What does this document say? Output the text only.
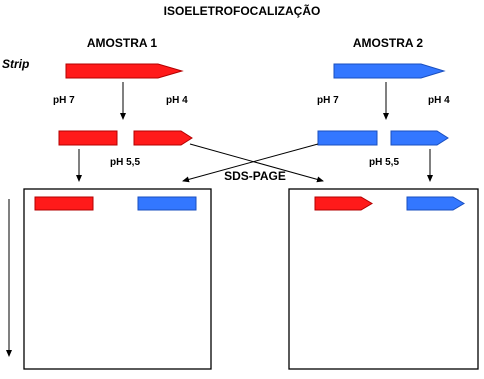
ISOELETROFOCALIZAÇÃO
AMOSTRA 1	AMOSTRA 2
Strip
pH 7	pH 4	pH 7	pH 4
pH 5,5	pH 5,5
SDS-PAGE
